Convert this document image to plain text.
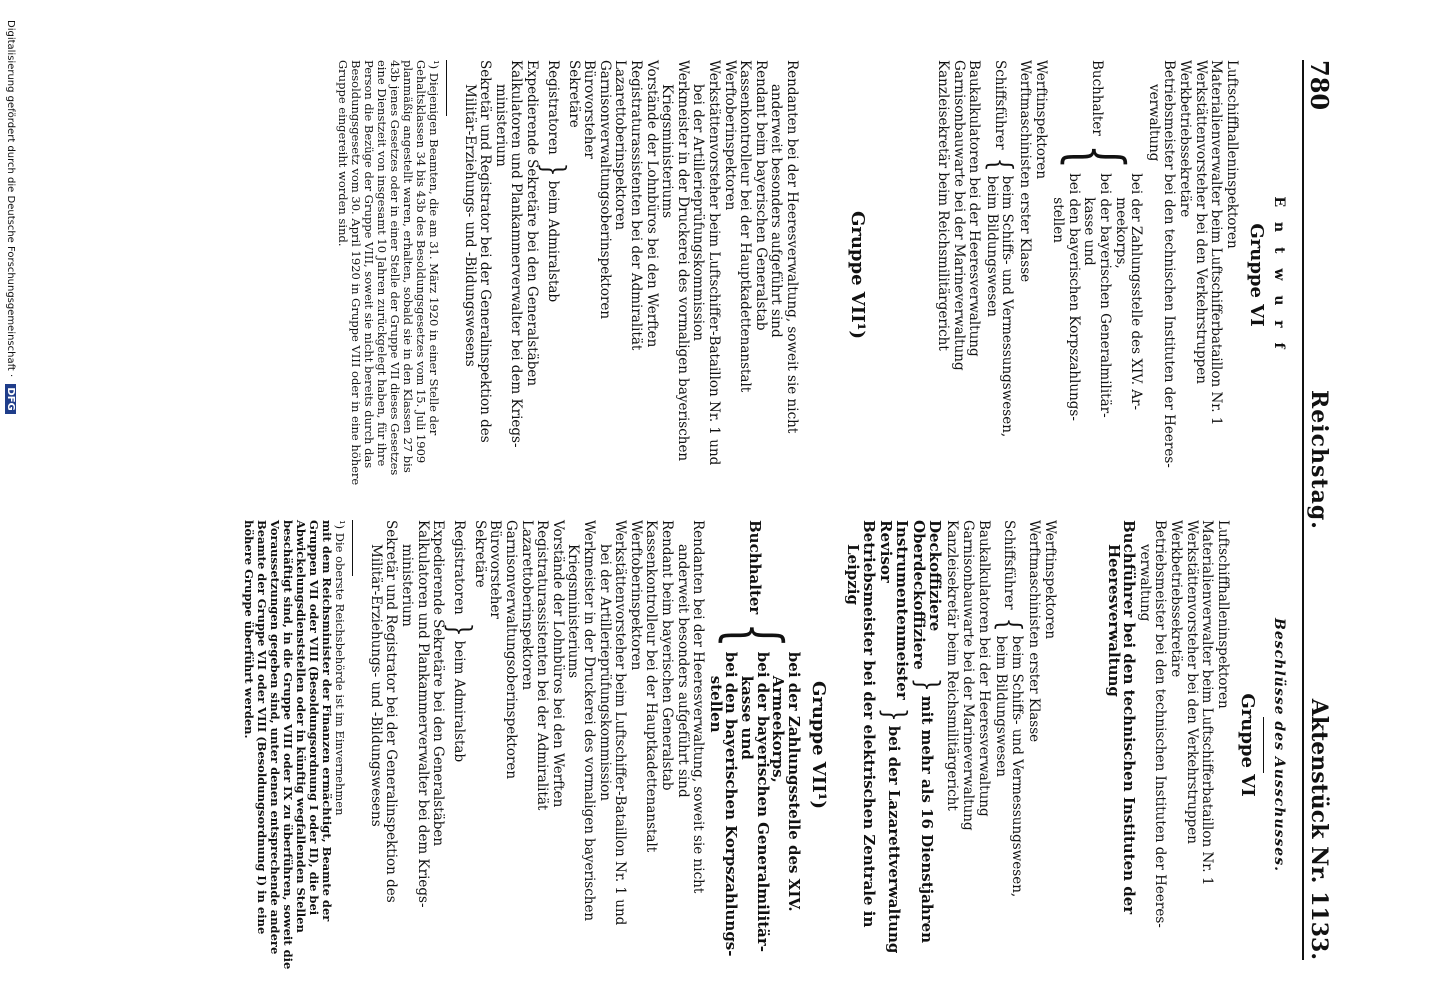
780
Reichstag.
Aktenstück Nr. 1133.
E n t w u r f
Gruppe VI
Luftschiffhalleninspektoren
Materialienverwalter beim Luftschifferbataillon Nr. 1
Werkstättenvorsteher bei den Verkehrstruppen
Werkbetriebssekretäre
Betriebsmeister bei den technischen Instituten der Heeres-
verwaltung
Buchhalter
{
bei der Zahlungsstelle des XIV. Ar-
meekorps,
bei der bayerischen Generalmilitär-
kasse und
bei den bayerischen Korpszahlungs-
stellen
Werftinspektoren
Werftmaschinisten erster Klasse
Schiffsführer
{
beim Schiffs- und Vermessungswesen,
beim Bildungswesen
Baukalkulatoren bei der Heeresverwaltung
Garnisonbauwarte bei der Marineverwaltung
Kanzleisekretär beim Reichsmilitärgericht
Gruppe VII¹)
Rendanten bei der Heeresverwaltung, soweit sie nicht
anderweit besonders aufgeführt sind
Rendant beim bayerischen Generalstab
Kassenkontrolleur bei der Hauptkadettenanstalt
Werftoberinspektoren
Werkstättenvorsteher beim Luftschiffer-Bataillon Nr. 1 und
bei der Artillerieprüfungskommission
Werkmeister in der Druckerei des vormaligen bayerischen
Kriegsministeriums
Vorstände der Lohnbüros bei den Werften
Registraturassistenten bei der Admiralität
Lazarettoberinspektoren
Garnisonverwaltungsoberinspektoren
Bürovorsteher
Sekretäre
Registratoren
}
beim Admiralstab
Expedierende Sekretäre bei den Generalstäben
Kalkulatoren und Plankammerverwalter bei dem Kriegs-
ministerium
Sekretär und Registrator bei der Generalinspektion des
Militär-Erziehungs- und -Bildungswesens
¹) Diejenigen Beamten, die am 31. März 1920 in einer Stelle der Gehaltsklassen 34 bis 43b des Besoldungsgesetzes vom 15. Juli 1909 planmäßig angestellt waren, erhalten, sobald sie in den Klassen 27 bis 43b jenes Gesetzes oder in einer Stelle der Gruppe VII dieses Gesetzes eine Dienstzeit von insgesamt 10 Jahren zurückgelegt haben, für ihre Person die Bezüge der Gruppe VIII, soweit sie nicht bereits durch das Besoldungsgesetz vom 30. April 1920 in Gruppe VIII oder in eine höhere Gruppe eingereiht worden sind.
Beschlüsse des Ausschusses.
Gruppe VI
Luftschiffhalleninspektoren
Materialienverwalter beim Luftschifferbataillon Nr. 1
Werkstättenvorsteher bei den Verkehrstruppen
Werkbetriebssekretäre
Betriebsmeister bei den technischen Instituten der Heeres-
verwaltung
Buchführer bei den technischen Instituten der
Heeresverwaltung
Werftinspektoren
Werftmaschinisten erster Klasse
Schiffsführer
{
beim Schiffs- und Vermessungswesen,
beim Bildungswesen
Baukalkulatoren bei der Heeresverwaltung
Garnisonbauwarte bei der Marineverwaltung
Kanzleisekretär beim Reichsmilitärgericht
Deckoffiziere
Oberdeckoffiziere
}
mit mehr als 16 Dienstjahren
Instrumentenmeister
Revisor
}
bei der Lazarettverwaltung
Betriebsmeister bei der elektrischen Zentrale in
Leipzig
Gruppe VII¹)
Buchhalter
{
bei der Zahlungsstelle des XIV.
Armeekorps,
bei der bayerischen Generalmilitär-
kasse und
bei den bayerischen Korpszahlungs-
stellen
Rendanten bei der Heeresverwaltung, soweit sie nicht
anderweit besonders aufgeführt sind
Rendant beim bayerischen Generalstab
Kassenkontrolleur bei der Hauptkadettenanstalt
Werftoberinspektoren
Werkstättenvorsteher beim Luftschiffer-Bataillon Nr. 1 und
bei der Artillerieprüfungskommission
Werkmeister in der Druckerei des vormaligen bayerischen
Kriegsministeriums
Vorstände der Lohnbüros bei den Werften
Registraturassistenten bei der Admiralität
Lazarettoberinspektoren
Garnisonverwaltungsoberinspektoren
Bürovorsteher
Sekretäre
Registratoren
}
beim Admiralstab
Expedierende Sekretäre bei den Generalstäben
Kalkulatoren und Plankammerverwalter bei dem Kriegs-
ministerium
Sekretär und Registrator bei der Generalinspektion des
Militär-Erziehungs- und -Bildungswesens
¹) Die oberste Reichsbehörde ist im Einvernehmen
mit dem Reichsminister der Finanzen ermächtigt, Beamte der Gruppen VII oder VIII (Besoldungsordnung I oder II), die bei Abwickelungsdienststellen oder in künftig wegfallenden Stellen beschäftigt sind, in die Gruppe VIII oder IX zu überführen, soweit die Voraussetzungen gegeben sind, unter denen entsprechende andere Beamte der Gruppe VII oder VIII (Besoldungsordnung I) in eine höhere Gruppe überführt werden.
Digitalisierung gefördert durch die Deutsche Forschungsgemeinschaft · DFG
